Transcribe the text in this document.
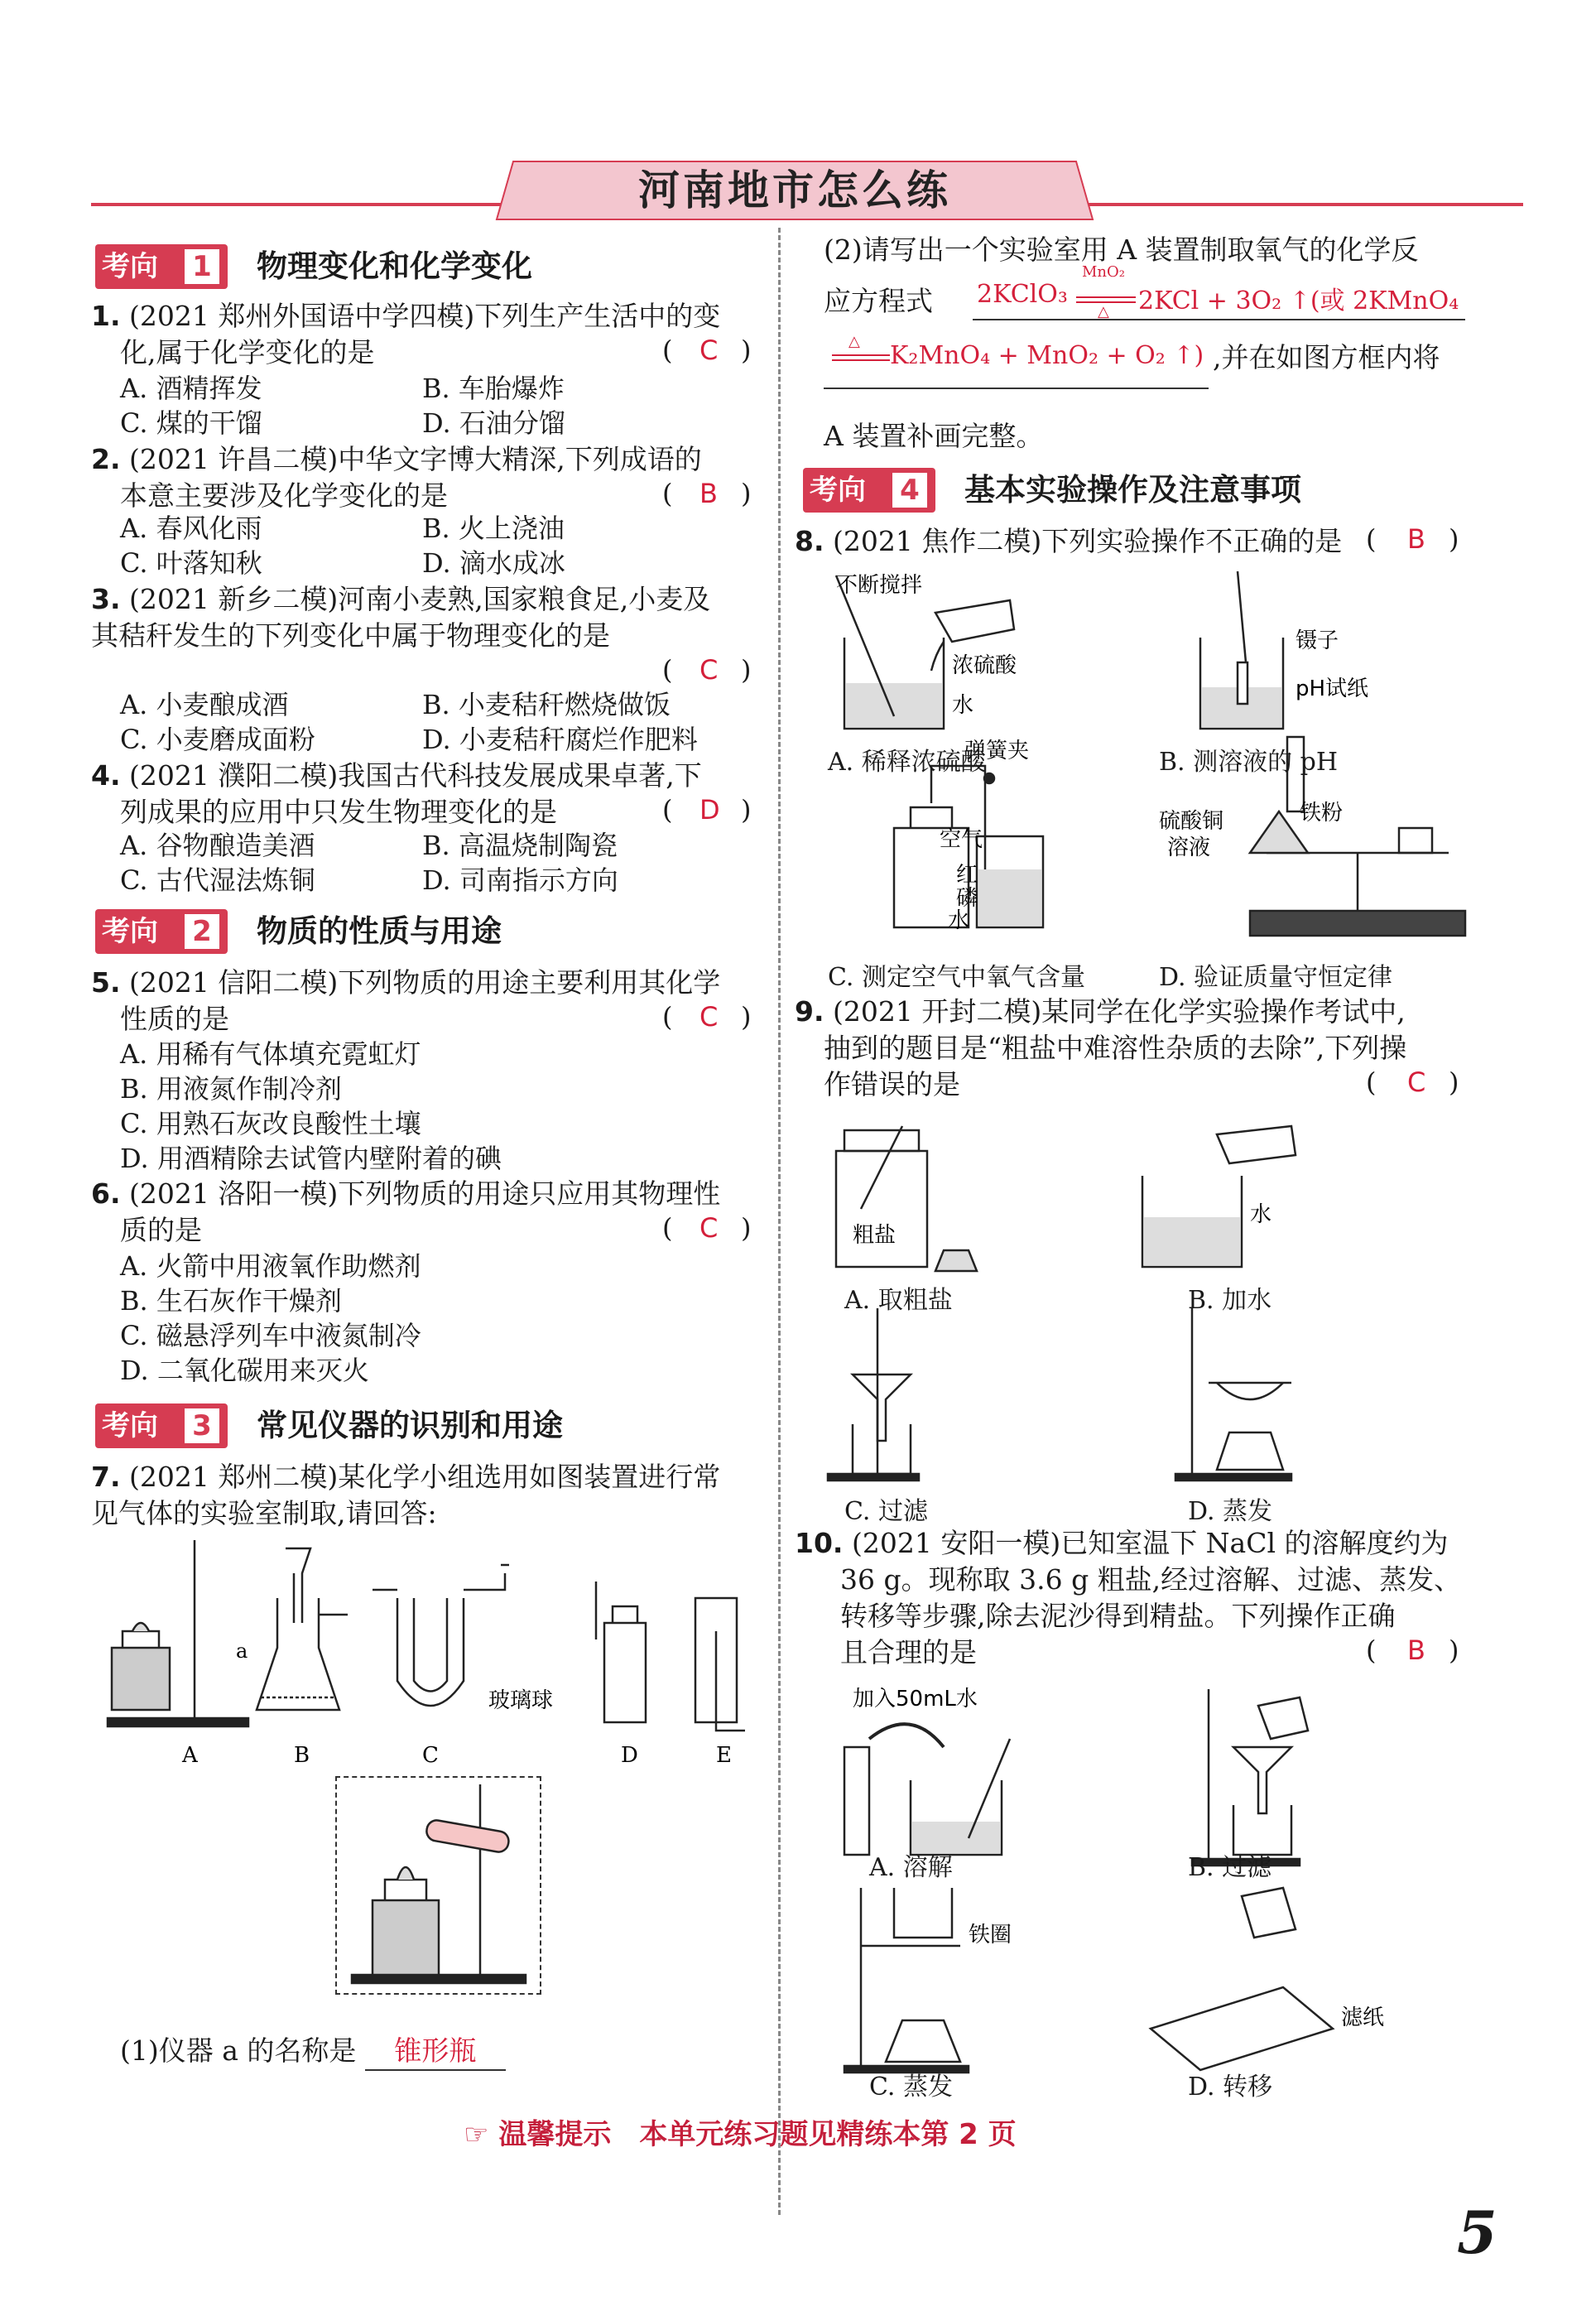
河南地市怎么练
考向 1 物理变化和化学变化
1. (2021 郑州外国语中学四模)下列生产生活中的变
化,属于化学变化的是	( C )
A. 酒精挥发	B. 车胎爆炸
C. 煤的干馏	D. 石油分馏
2. (2021 许昌二模)中华文字博大精深,下列成语的
本意主要涉及化学变化的是	( B )
A. 春风化雨	B. 火上浇油
C. 叶落知秋	D. 滴水成冰
3. (2021 新乡二模)河南小麦熟,国家粮食足,小麦及
其秸秆发生的下列变化中属于物理变化的是
( C )
A. 小麦酿成酒	B. 小麦秸秆燃烧做饭
C. 小麦磨成面粉	D. 小麦秸秆腐烂作肥料
4. (2021 濮阳二模)我国古代科技发展成果卓著,下
列成果的应用中只发生物理变化的是	( D )
A. 谷物酿造美酒	B. 高温烧制陶瓷
C. 古代湿法炼铜	D. 司南指示方向
考向 2 物质的性质与用途
5. (2021 信阳二模)下列物质的用途主要利用其化学
性质的是	( C )
A. 用稀有气体填充霓虹灯
B. 用液氮作制冷剂
C. 用熟石灰改良酸性土壤
D. 用酒精除去试管内壁附着的碘
6. (2021 洛阳一模)下列物质的用途只应用其物理性
质的是	( C )
A. 火箭中用液氧作助燃剂
B. 生石灰作干燥剂
C. 磁悬浮列车中液氮制冷
D. 二氧化碳用来灭火
考向 3 常见仪器的识别和用途
7. (2021 郑州二模)某化学小组选用如图装置进行常
见气体的实验室制取,请回答:
A	B	C	D	E
a
玻璃球
(1)仪器 a 的名称是 锥形瓶
(2)请写出一个实验室用 A 装置制取氧气的化学反
应方程式 2KClO₃
MnO₂
△ 2KCl + 3O₂ ↑(或 2KMnO₄
△ K₂MnO₄ + MnO₂ + O₂ ↑) ,并在如图方框内将
A 装置补画完整。
考向 4 基本实验操作及注意事项
8. (2021 焦作二模)下列实验操作不正确的是 ( B )
不断搅拌
浓硫酸
水
镊子
pH试纸
弹簧夹
空气
红
磷
水
硫酸铜
溶液
铁粉
A. 稀释浓硫酸	B. 测溶液的 pH
C. 测定空气中氧气含量	D. 验证质量守恒定律
9. (2021 开封二模)某同学在化学实验操作考试中,
抽到的题目是“粗盐中难溶性杂质的去除”,下列操
作错误的是	( C )
粗盐
水
A. 取粗盐	B. 加水
C. 过滤	D. 蒸发
10. (2021 安阳一模)已知室温下 NaCl 的溶解度约为
36 g。现称取 3.6 g 粗盐,经过溶解、过滤、蒸发、
转移等步骤,除去泥沙得到精盐。下列操作正确
且合理的是	( B )
加入50mL水
铁圈
滤纸
A. 溶解	B. 过滤
C. 蒸发	D. 转移
☞ 温馨提示　本单元练习题见精练本第 2 页
5
